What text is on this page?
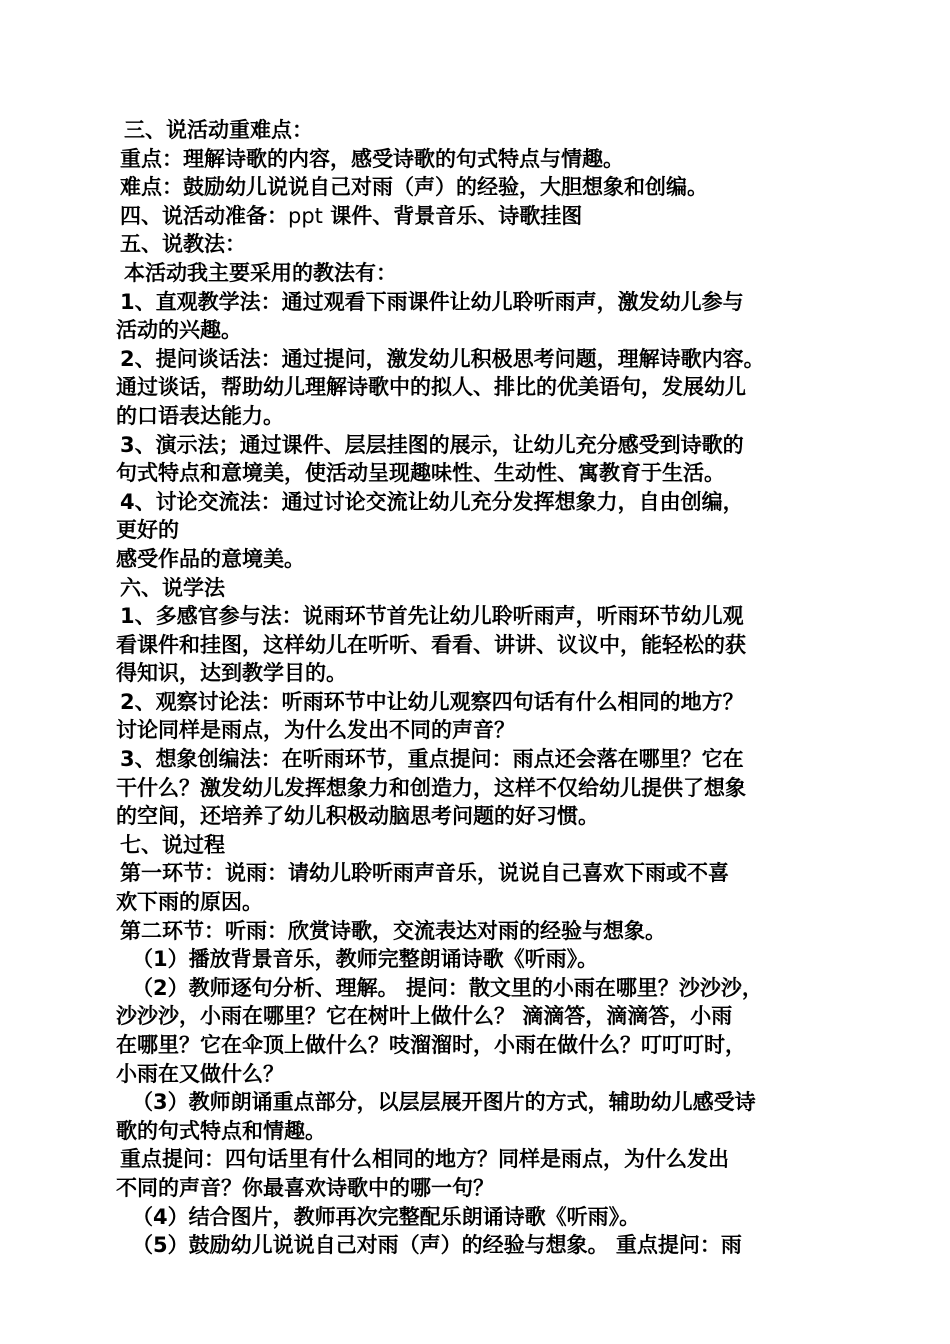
三、说活动重难点：
重点：理解诗歌的内容，感受诗歌的句式特点与情趣。
难点：鼓励幼儿说说自己对雨（声）的经验，大胆想象和创编。
四、说活动准备：ppt 课件、背景音乐、诗歌挂图
五、说教法：
本活动我主要采用的教法有：
1、直观教学法：通过观看下雨课件让幼儿聆听雨声，激发幼儿参与
活动的兴趣。
2、提问谈话法：通过提问，激发幼儿积极思考问题，理解诗歌内容。
通过谈话，帮助幼儿理解诗歌中的拟人、排比的优美语句，发展幼儿
的口语表达能力。
3、演示法；通过课件、层层挂图的展示，让幼儿充分感受到诗歌的
句式特点和意境美，使活动呈现趣味性、生动性、寓教育于生活。
4、讨论交流法：通过讨论交流让幼儿充分发挥想象力，自由创编，
更好的
感受作品的意境美。
六、说学法
1、多感官参与法：说雨环节首先让幼儿聆听雨声，听雨环节幼儿观
看课件和挂图，这样幼儿在听听、看看、讲讲、议议中，能轻松的获
得知识，达到教学目的。
2、观察讨论法：听雨环节中让幼儿观察四句话有什么相同的地方？
讨论同样是雨点，为什么发出不同的声音？
3、想象创编法：在听雨环节，重点提问：雨点还会落在哪里？它在
干什么？激发幼儿发挥想象力和创造力，这样不仅给幼儿提供了想象
的空间，还培养了幼儿积极动脑思考问题的好习惯。
七、说过程
第一环节：说雨：请幼儿聆听雨声音乐，说说自己喜欢下雨或不喜
欢下雨的原因。
第二环节：听雨：欣赏诗歌，交流表达对雨的经验与想象。
（1）播放背景音乐，教师完整朗诵诗歌《听雨》。
（2）教师逐句分析、理解。 提问：散文里的小雨在哪里？沙沙沙，
沙沙沙，小雨在哪里？它在树叶上做什么？ 滴滴答，滴滴答，小雨
在哪里？它在伞顶上做什么？吱溜溜时，小雨在做什么？叮叮叮时，
小雨在又做什么？
（3）教师朗诵重点部分，以层层展开图片的方式，辅助幼儿感受诗
歌的句式特点和情趣。
重点提问：四句话里有什么相同的地方？同样是雨点，为什么发出
不同的声音？你最喜欢诗歌中的哪一句？
（4）结合图片，教师再次完整配乐朗诵诗歌《听雨》。
（5）鼓励幼儿说说自己对雨（声）的经验与想象。 重点提问：雨
